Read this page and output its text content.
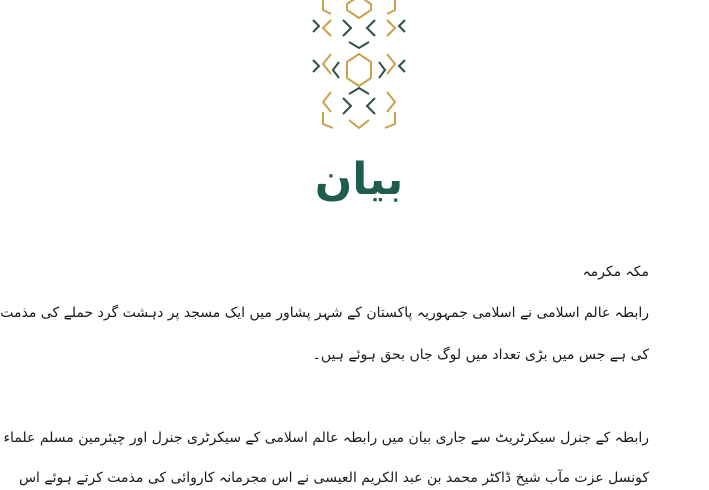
بیان

مکہ مکرمہ

رابطہ عالم اسلامی نے اسلامی جمہوریہ پاکستان کے شہر پشاور میں ایک مسجد پر دہشت گرد حملے کی مذمت

کی ہے جس میں بڑی تعداد میں لوگ جاں بحق ہوئے ہیں۔

رابطہ کے جنرل سیکرٹریٹ سے جاری بیان میں رابطہ عالم اسلامی کے سیکرٹری جنرل اور چیئرمین مسلم علماء

کونسل عزت مآب شیخ ڈاکٹر محمد بن عبد الکریم العیسی نے اس مجرمانہ کاروائی کی مذمت کرتے ہوئے اس
